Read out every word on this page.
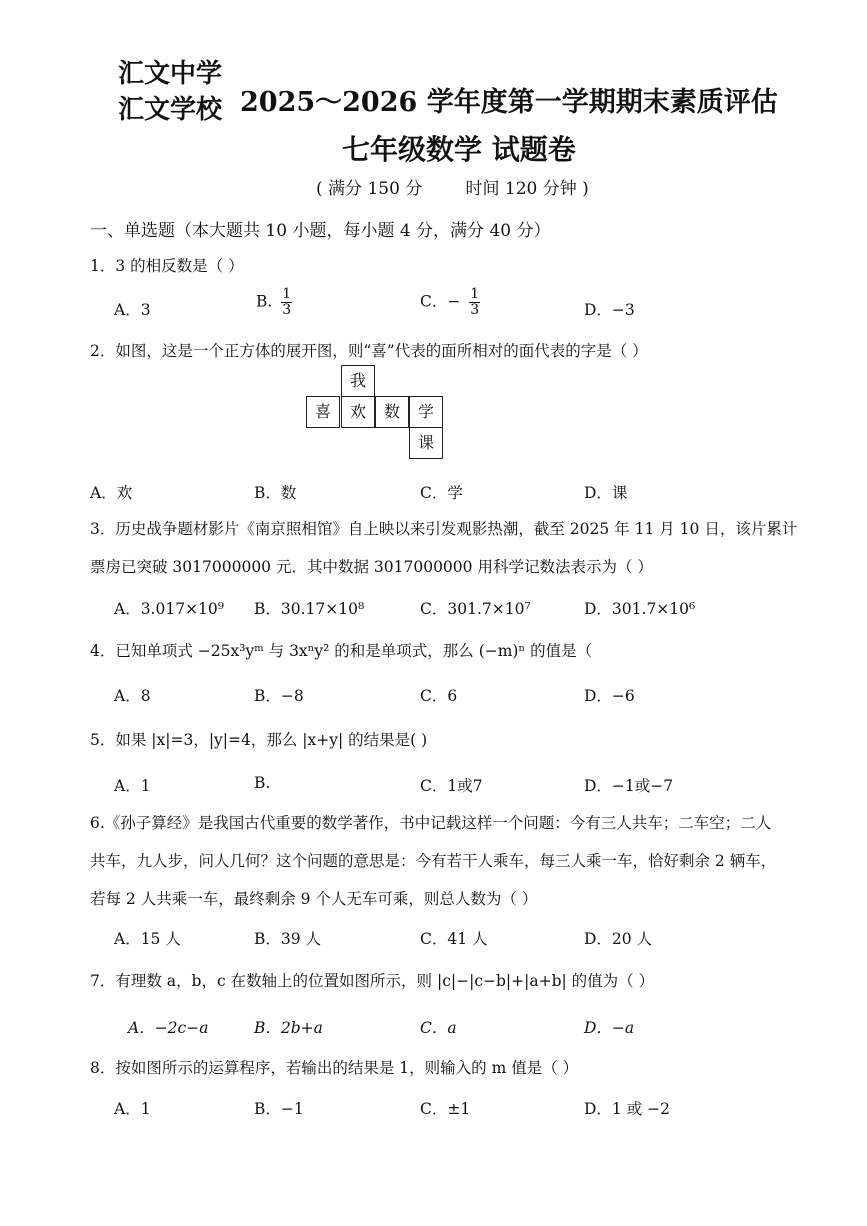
汇文中学
汇文学校 2025～2026 学年度第一学期期末素质评估
七年级数学 试题卷
( 满分 150 分        时间 120 分钟 )
一、单选题（本大题共 10 小题，每小题 4 分，满分 40 分）
1．3 的相反数是（ ）
A．3	B. $\frac{1}{3}$	C．− $\frac{1}{3}$	D．−3
2．如图，这是一个正方体的展开图，则“喜”代表的面所相对的面代表的字是（ ）
我
喜	欢	数	学
课
A．欢	B．数	C．学	D．课
3．历史战争题材影片《南京照相馆》自上映以来引发观影热潮，截至 2025 年 11 月 10 日，该片累计
票房已突破 3017000000 元．其中数据 3017000000 用科学记数法表示为（ ）
A．3.017×10⁹ B．30.17×10⁸	C．301.7×10⁷	D．301.7×10⁶
4．已知单项式 −25x³yᵐ 与 3xⁿy² 的和是单项式，那么 (−m)ⁿ 的值是（
A．8	B．−8	C．6	D．−6
5．如果 |x|=3，|y|=4，那么 |x+y| 的结果是( )
A．1	B.	C．1或7	D．−1或−7
6.《孙子算经》是我国古代重要的数学著作，书中记载这样一个问题：今有三人共车；二车空；二人
共车，九人步，问人几何？这个问题的意思是：今有若干人乘车，每三人乘一车，恰好剩余 2 辆车，
若每 2 人共乘一车，最终剩余 9 个人无车可乘，则总人数为（ ）
A．15 人	B．39 人	C．41 人	D．20 人
7．有理数 a，b，c 在数轴上的位置如图所示，则 |c|−|c−b|+|a+b| 的值为（ ）
A．−2c−a	B．2b+a	C．a	D．−a
8．按如图所示的运算程序，若输出的结果是 1，则输入的 m 值是（ ）
A．1	B．−1	C．±1	D．1 或 −2
